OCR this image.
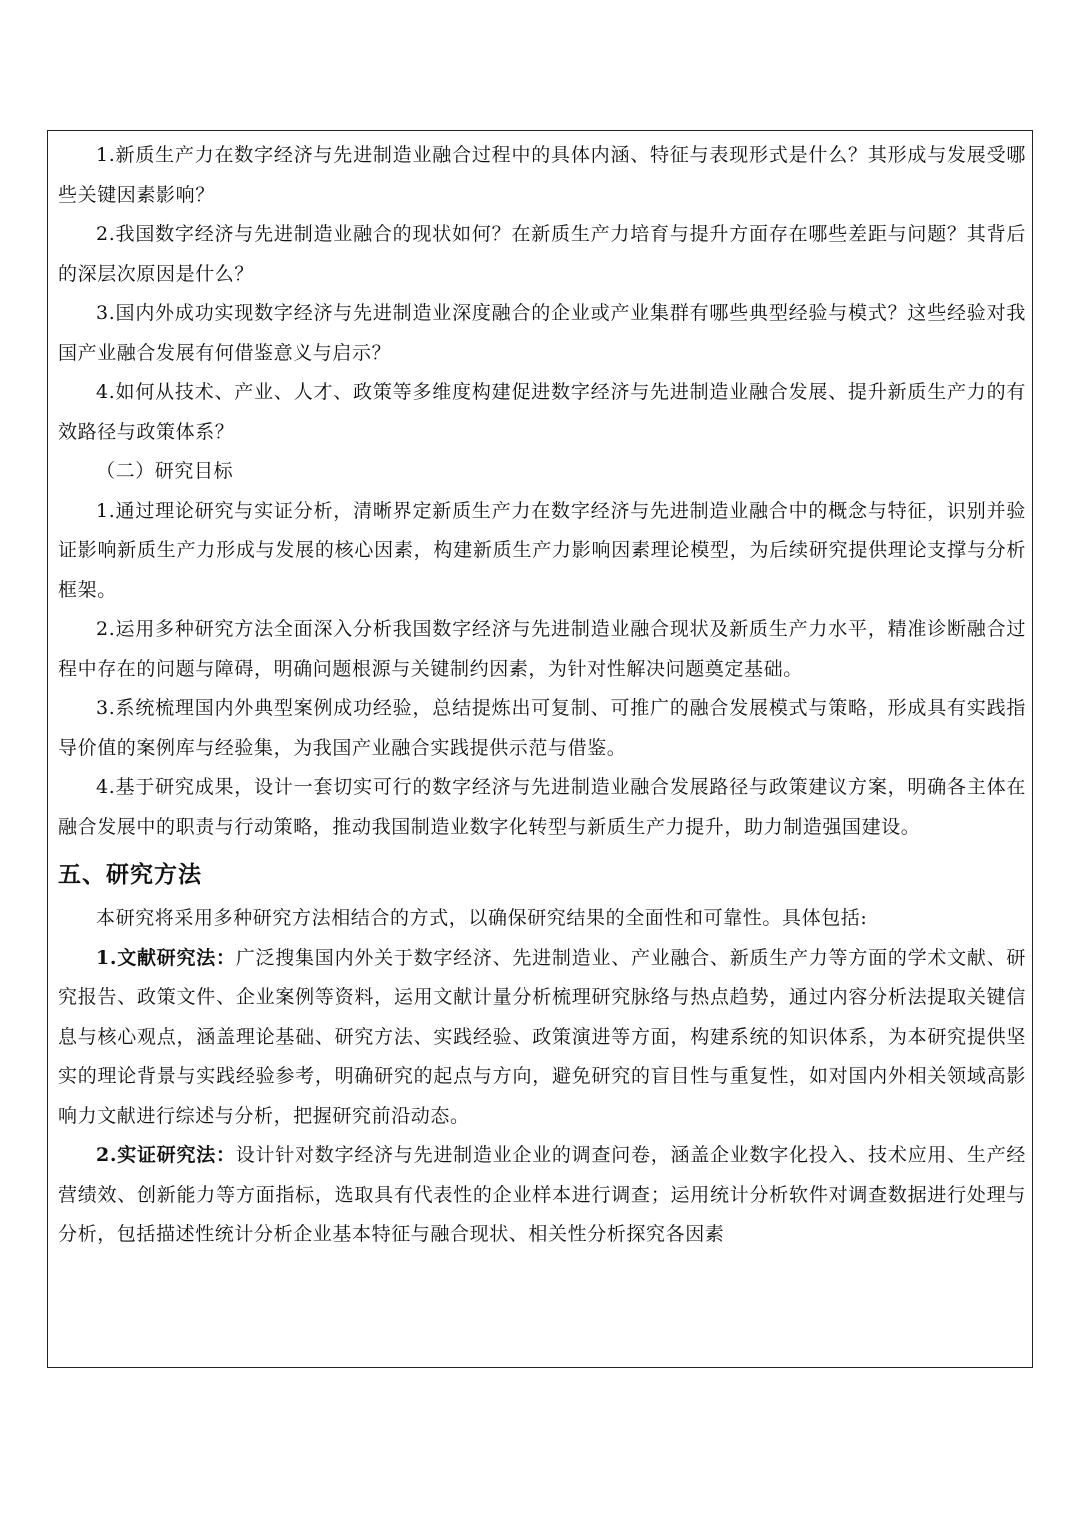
1.新质生产力在数字经济与先进制造业融合过程中的具体内涵、特征与表现形式是什么？其形成与发展受哪些关键因素影响？

2.我国数字经济与先进制造业融合的现状如何？在新质生产力培育与提升方面存在哪些差距与问题？其背后的深层次原因是什么？

3.国内外成功实现数字经济与先进制造业深度融合的企业或产业集群有哪些典型经验与模式？这些经验对我国产业融合发展有何借鉴意义与启示？

4.如何从技术、产业、人才、政策等多维度构建促进数字经济与先进制造业融合发展、提升新质生产力的有效路径与政策体系？

（二）研究目标

1.通过理论研究与实证分析，清晰界定新质生产力在数字经济与先进制造业融合中的概念与特征，识别并验证影响新质生产力形成与发展的核心因素，构建新质生产力影响因素理论模型，为后续研究提供理论支撑与分析框架。

2.运用多种研究方法全面深入分析我国数字经济与先进制造业融合现状及新质生产力水平，精准诊断融合过程中存在的问题与障碍，明确问题根源与关键制约因素，为针对性解决问题奠定基础。

3.系统梳理国内外典型案例成功经验，总结提炼出可复制、可推广的融合发展模式与策略，形成具有实践指导价值的案例库与经验集，为我国产业融合实践提供示范与借鉴。

4.基于研究成果，设计一套切实可行的数字经济与先进制造业融合发展路径与政策建议方案，明确各主体在融合发展中的职责与行动策略，推动我国制造业数字化转型与新质生产力提升，助力制造强国建设。

五、研究方法

本研究将采用多种研究方法相结合的方式，以确保研究结果的全面性和可靠性。具体包括:

1.文献研究法：广泛搜集国内外关于数字经济、先进制造业、产业融合、新质生产力等方面的学术文献、研究报告、政策文件、企业案例等资料，运用文献计量分析梳理研究脉络与热点趋势，通过内容分析法提取关键信息与核心观点，涵盖理论基础、研究方法、实践经验、政策演进等方面，构建系统的知识体系，为本研究提供坚实的理论背景与实践经验参考，明确研究的起点与方向，避免研究的盲目性与重复性，如对国内外相关领域高影响力文献进行综述与分析，把握研究前沿动态。

2.实证研究法：设计针对数字经济与先进制造业企业的调查问卷，涵盖企业数字化投入、技术应用、生产经营绩效、创新能力等方面指标，选取具有代表性的企业样本进行调查；运用统计分析软件对调查数据进行处理与分析，包括描述性统计分析企业基本特征与融合现状、相关性分析探究各因素
